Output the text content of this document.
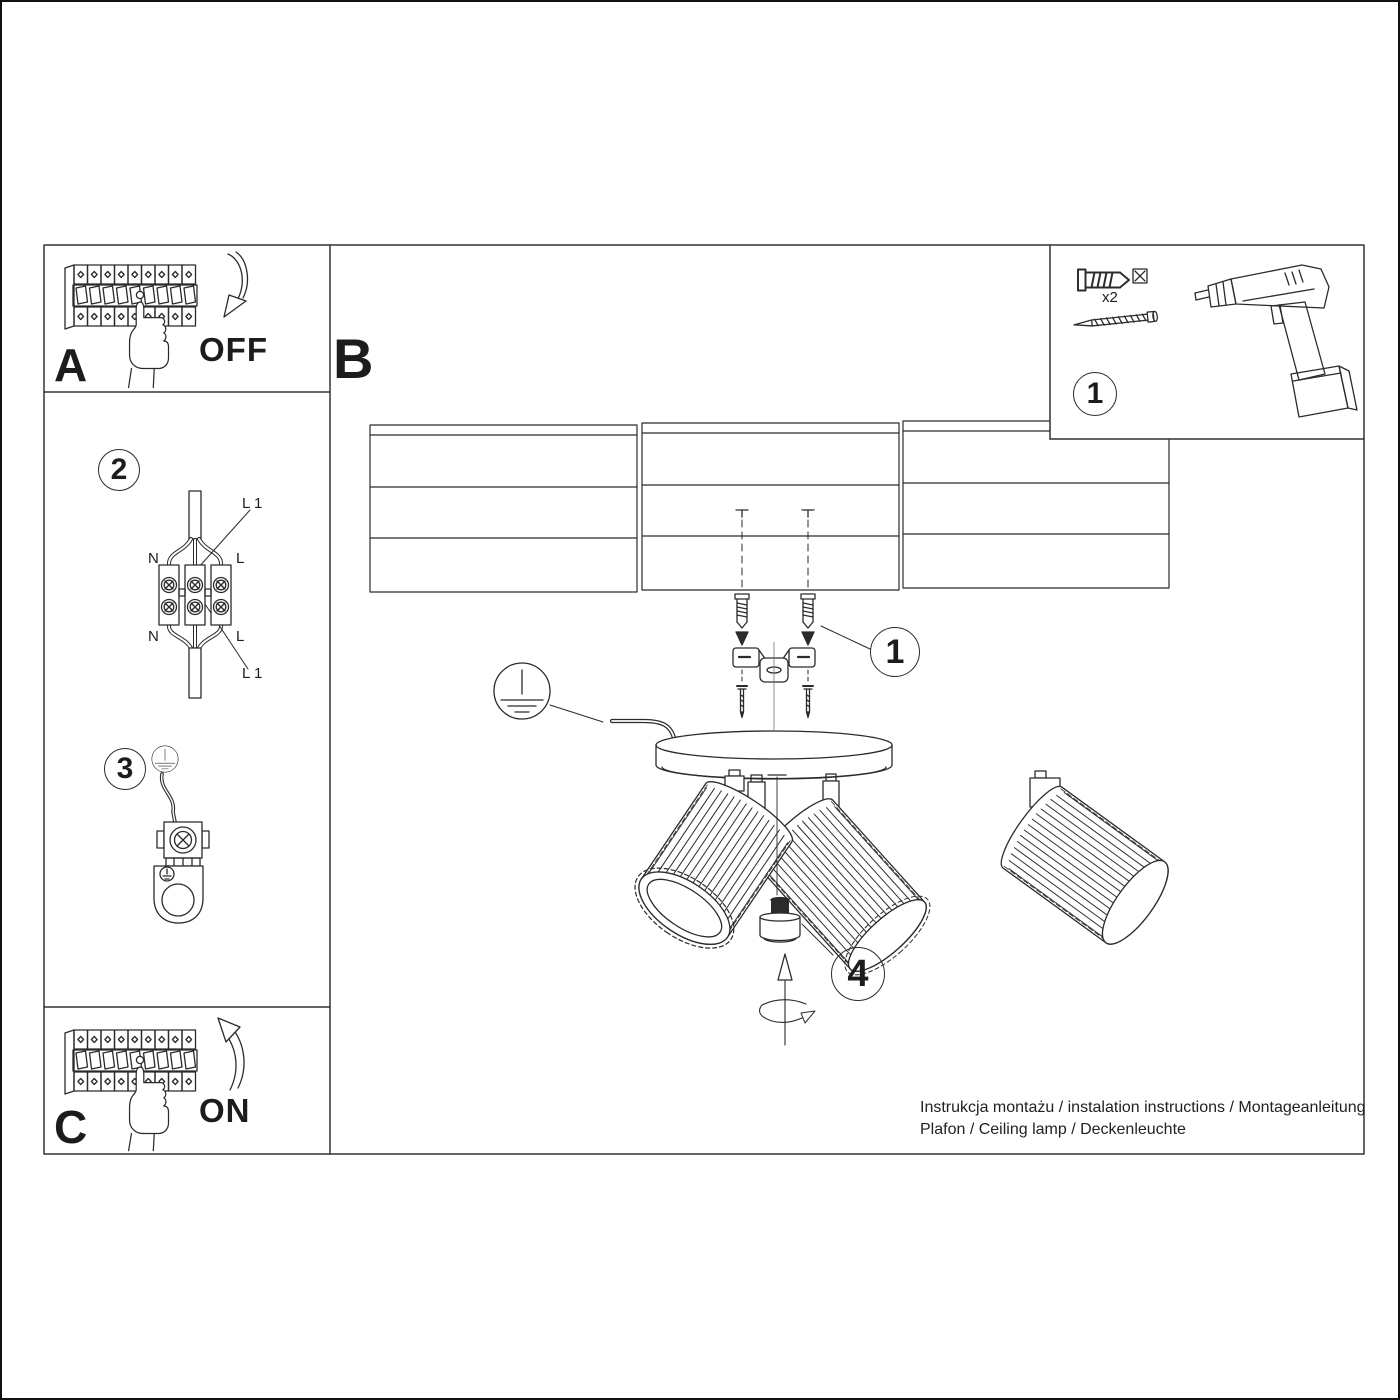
A	OFF B
C	ON
x2
1
2
3
1
4
N	L
N	L
L 1
L 1
Instrukcja montażu / instalation instructions / Montageanleitung
Plafon / Ceiling lamp / Deckenleuchte
